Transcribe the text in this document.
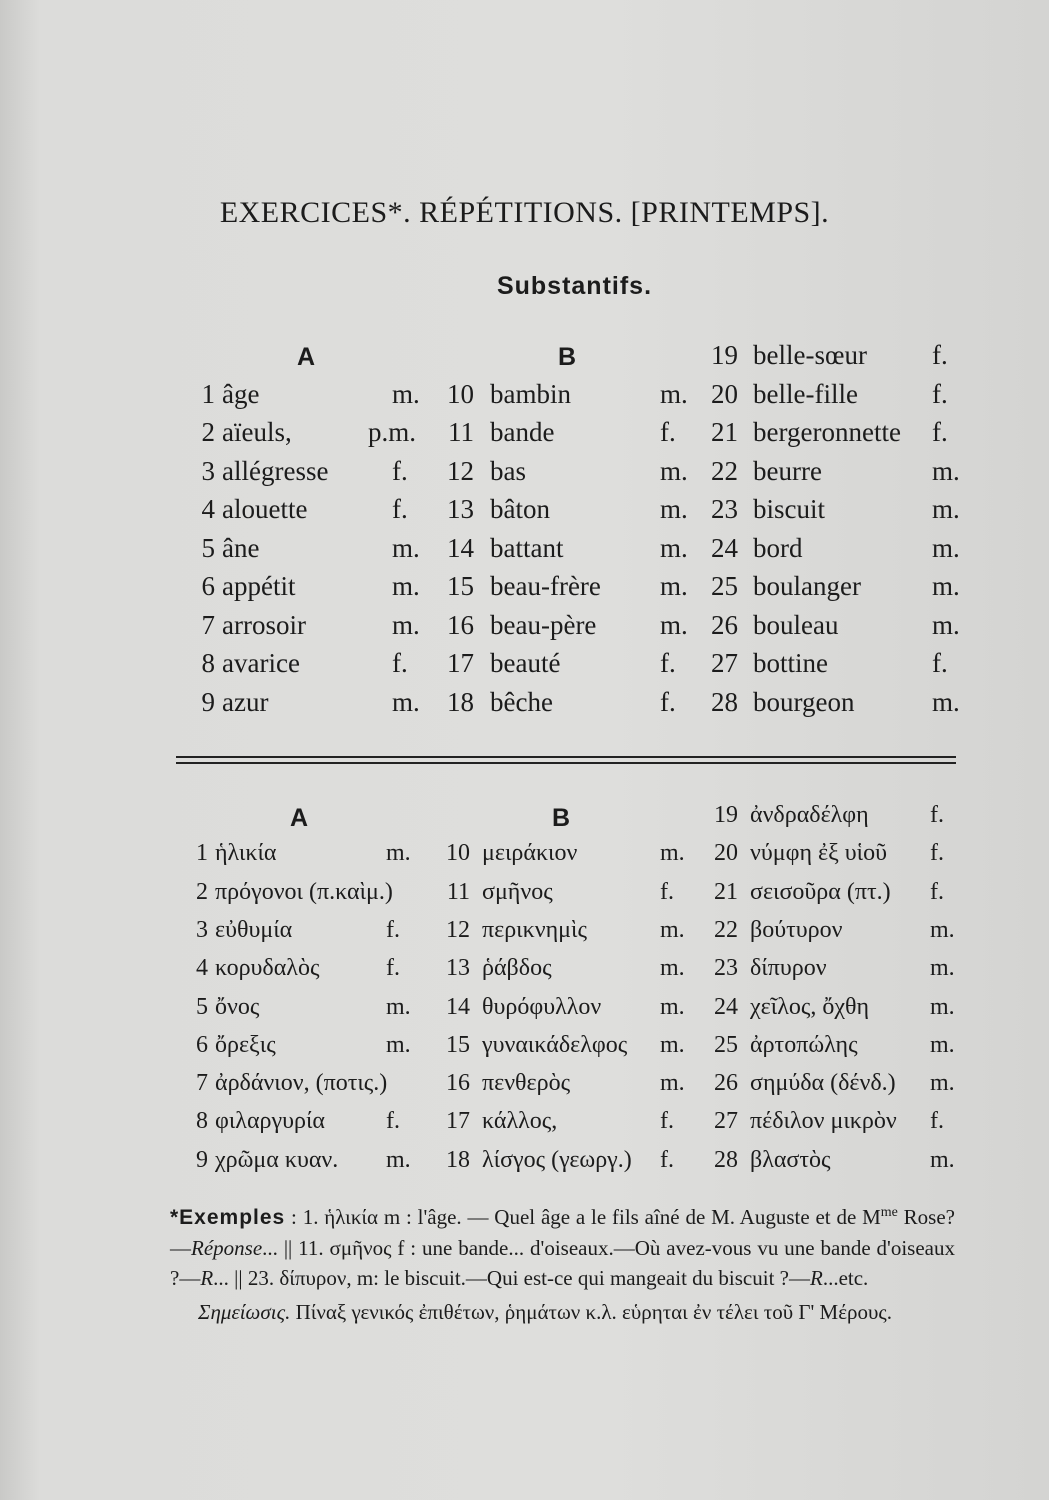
EXERCICES*. RÉPÉTITIONS. [PRINTEMPS].
Substantifs.
A	B
1 âge	m.
2 aïeuls,	p.m.
3 allégresse f.
4 alouette	f.
5 âne	m.
6 appétit	m.
7 arrosoir	m.
8 avarice	f.
9 azur	m.
10 bambin	m.
11 bande	f.
12 bas	m.
13 bâton	m.
14 battant	m.
15 beau-frère m.
16 beau-père m.
17 beauté	f.
18 bêche	f.
19 belle-sœur f.
20 belle-fille	f.
21 bergeronnette f.
22 beurre	m.
23 biscuit	m.
24 bord	m.
25 boulanger	m.
26 bouleau	m.
27 bottine	f.
28 bourgeon	m.
A	B
1 ἡλικία	m.
2 πρόγονοι (π.καὶμ.)
3 εὐθυμία	f.
4 κορυδαλὸς	f.
5 ὄνος	m.
6 ὄρεξις	m.
7 ἀρδάνιον, (ποτις.)
8 φιλαργυρία	f.
9 χρῶμα κυαν. m.
10 μειράκιον	m.
11 σμῆνος	f.
12 περικνημὶς	m.
13 ῥάβδος	m.
14 θυρόφυλλον m.
15 γυναικάδελφος m.
16 πενθερὸς	m.
17 κάλλος,	f.
18 λίσγος (γεωργ.) f.
19 ἀνδραδέλφη	f.
20 νύμφη ἐξ υἱοῦ f.
21 σεισοῦρα (πτ.) f.
22 βούτυρον	m.
23 δίπυρον	m.
24 χεῖλος, ὄχθη	m.
25 ἀρτοπώλης	m.
26 σημύδα (δένδ.) m.
27 πέδιλον μικρὸν f.
28 βλαστὸς	m.
*Exemples : 1. ἡλικία m : l'âge. — Quel âge a le fils aîné de M. Auguste et de $M^{me}$ Rose?—Réponse... || 11. σμῆνος f : une bande... d'oiseaux.—Où avez-vous vu une bande d'oiseaux ?—R... || 23. δίπυρον, m: le biscuit.—Qui est-ce qui mangeait du biscuit ?—R...etc.
Σημείωσις. Πίναξ γενικός ἐπιθέτων, ῥημάτων κ.λ. εὑρηται ἐν τέλει τοῦ Γ' Μέρους.
